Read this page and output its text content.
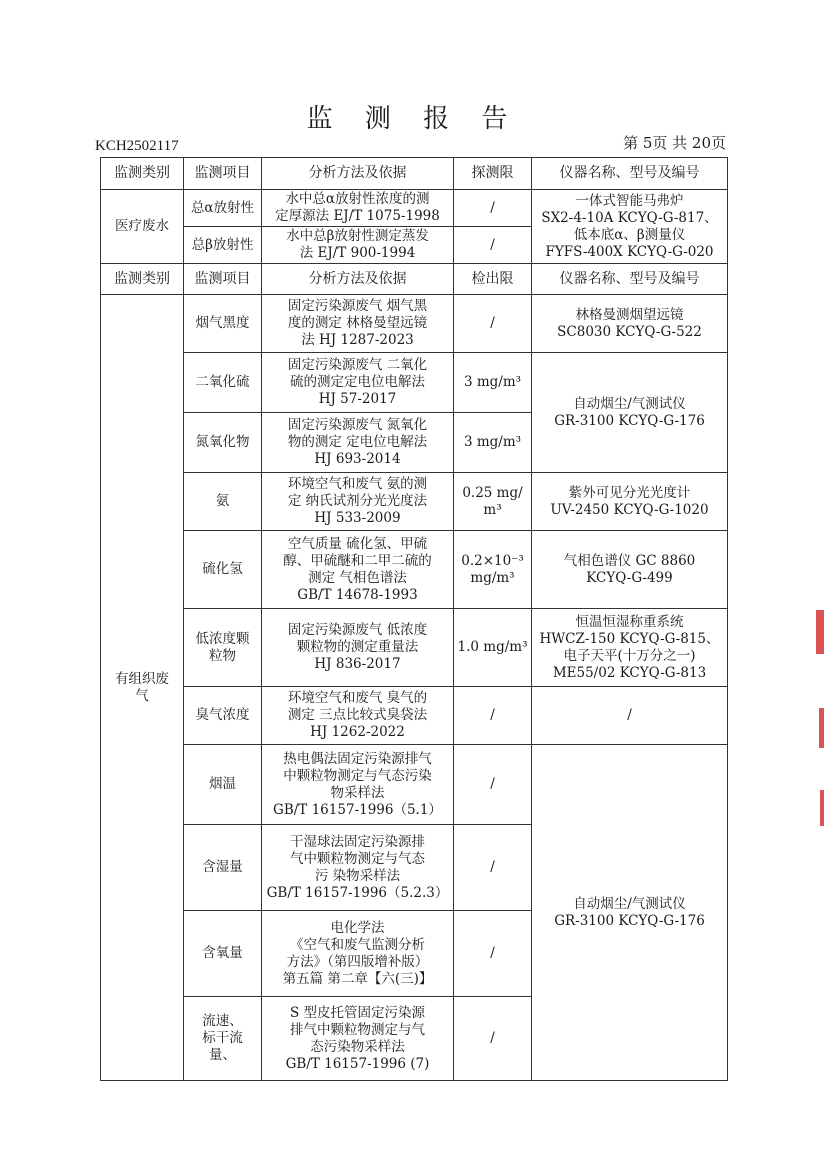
监 测 报 告
KCH2502117	第 5页 共 20页
监测类别	监测项目	分析方法及依据	探测限	仪器名称、型号及编号
医疗废水	总α放射性	水中总α放射性浓度的测
定厚源法 EJ/T 1075-1998	/	一体式智能马弗炉
SX2-4-10A KCYQ-G-817、
低本底α、β测量仪
FYFS-400X KCYQ-G-020
	总β放射性	水中总β放射性测定蒸发
法 EJ/T 900-1994	/	
监测类别	监测项目	分析方法及依据	检出限	仪器名称、型号及编号
有组织废
气	烟气黑度	固定污染源废气 烟气黑
度的测定 林格曼望远镜
法 HJ 1287-2023	/	林格曼测烟望远镜
SC8030 KCYQ-G-522
	二氧化硫	固定污染源废气 二氧化
硫的测定定电位电解法
HJ 57-2017	3 mg/m³	自动烟尘/气测试仪
GR-3100 KCYQ-G-176
	氮氧化物	固定污染源废气 氮氧化
物的测定 定电位电解法
HJ 693-2014	3 mg/m³	
	氨	环境空气和废气 氨的测
定 纳氏试剂分光光度法
HJ 533-2009	0.25 mg/m³	紫外可见分光光度计
UV-2450 KCYQ-G-1020
	硫化氢	空气质量 硫化氢、甲硫
醇、甲硫醚和二甲二硫的
测定 气相色谱法
GB/T 14678-1993	0.2×10⁻³
mg/m³	气相色谱仪 GC 8860
KCYQ-G-499
	低浓度颗
粒物	固定污染源废气 低浓度
颗粒物的测定重量法
HJ 836-2017	1.0 mg/m³	恒温恒湿称重系统
HWCZ-150 KCYQ-G-815、
电子天平(十万分之一)
ME55/02 KCYQ-G-813
	臭气浓度	环境空气和废气 臭气的
测定 三点比较式臭袋法
HJ 1262-2022	/	/
	烟温	热电偶法固定污染源排气
中颗粒物测定与气态污染
物采样法
GB/T 16157-1996（5.1）	/	自动烟尘/气测试仪
GR-3100 KCYQ-G-176
	含湿量	干湿球法固定污染源排
气中颗粒物测定与气态
污 染物采样法
GB/T 16157-1996（5.2.3）	/	
	含氧量	电化学法
《空气和废气监测分析
方法》（第四版增补版）
第五篇 第二章【六(三)】	/	
	流速、
标干流
量、	S 型皮托管固定污染源
排气中颗粒物测定与气
态污染物采样法
GB/T 16157-1996 (7)	/	
